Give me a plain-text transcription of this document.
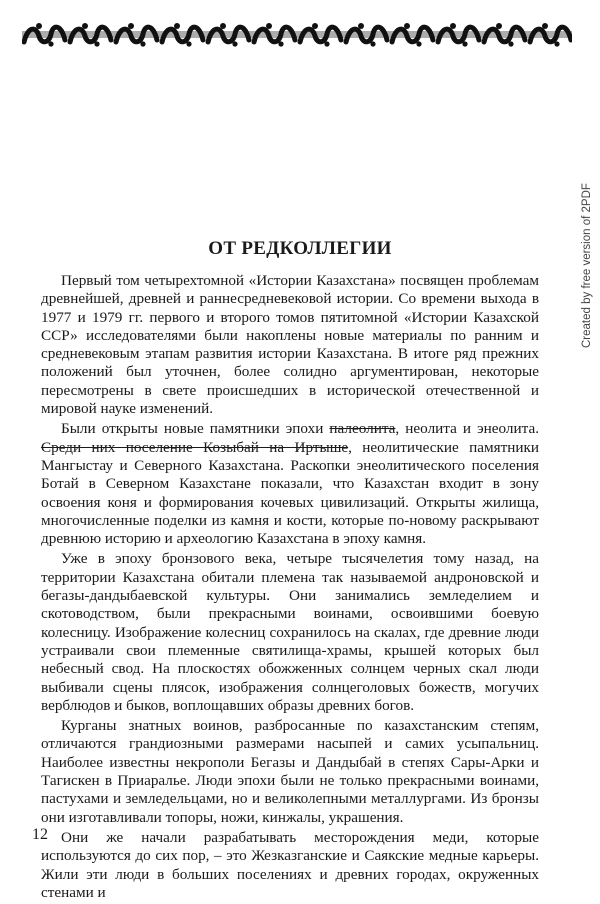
Created by free version of 2PDF
ОТ РЕДКОЛЛЕГИИ

Первый том четырехтомной «Истории Казахстана» посвящен проблемам древнейшей, древней и раннесредневековой истории. Со времени выхода в 1977 и 1979 гг. первого и второго томов пятитомной «Истории Казахской ССР» исследователями были накоплены новые материалы по ранним и средневековым этапам развития истории Казахстана. В итоге ряд прежних положений был уточнен, более солидно аргументирован, некоторые пересмотрены в свете происшедших в исторической отечественной и мировой науке изменений.

Были открыты новые памятники эпохи палеолита, неолита и энеолита. Среди них поселение Козыбай на Иртыше, неолитические памятники Мангыстау и Северного Казахстана. Раскопки энеолитического поселения Ботай в Северном Казахстане показали, что Казахстан входит в зону освоения коня и формирования кочевых цивилизаций. Открыты жилища, многочисленные поделки из камня и кости, которые по-новому раскрывают древнюю историю и археологию Казахстана в эпоху камня.

Уже в эпоху бронзового века, четыре тысячелетия тому назад, на территории Казахстана обитали племена так называемой андроновской и бегазы-дандыбаевской культуры. Они занимались земледелием и скотоводством, были прекрасными воинами, освоившими боевую колесницу. Изображение колесниц сохранилось на скалах, где древние люди устраивали свои племенные святилища-храмы, крышей которых был небесный свод. На плоскостях обожженных солнцем черных скал люди выбивали сцены плясок, изображения солнцеголовых божеств, могучих верблюдов и быков, воплощавших образы древних богов.

Курганы знатных воинов, разбросанные по казахстанским степям, отличаются грандиозными размерами насыпей и самих усыпальниц. Наиболее известны некрополи Бегазы и Дандыбай в степях Сары-Арки и Тагискен в Приаралье. Люди эпохи были не только прекрасными воинами, пастухами и земледельцами, но и великолепными металлургами. Из бронзы они изготавливали топоры, ножи, кинжалы, украшения.

Они же начали разрабатывать месторождения меди, которые используются до сих пор, – это Жезказганские и Саякские медные карьеры. Жили эти люди в больших поселениях и древних городах, окруженных стенами и

12
